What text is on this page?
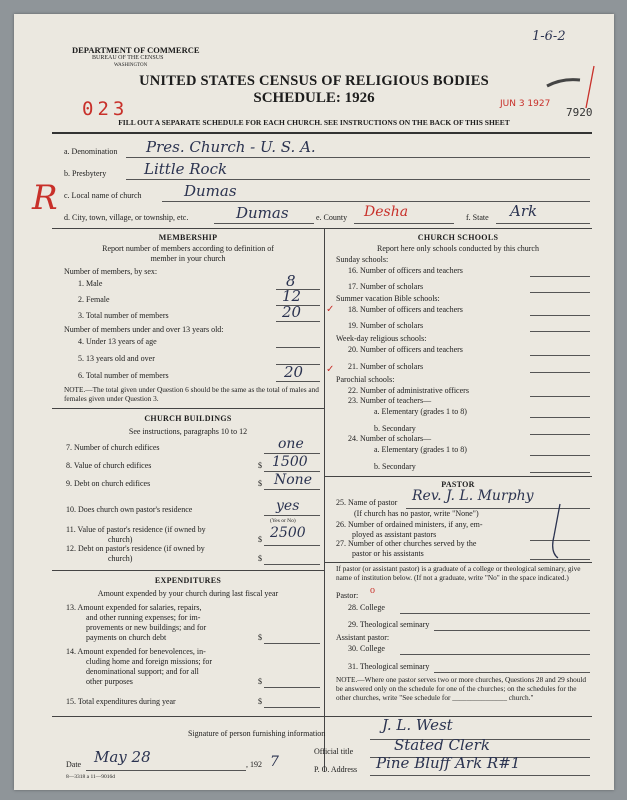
DEPARTMENT OF COMMERCE
BUREAU OF THE CENSUS
WASHINGTON
1-6-2
UNITED STATES CENSUS OF RELIGIOUS BODIES
SCHEDULE: 1926
023	JUN 3 1927
7920
FILL OUT A SEPARATE SCHEDULE FOR EACH CHURCH. SEE INSTRUCTIONS ON THE BACK OF THIS SHEET
a. Denomination Pres. Church - U. S. A.
b. Presbytery	Little Rock
R c. Local name of church	Dumas
d. City, town, village, or township, etc.	Dumas	e. County Desha	f. State Ark
MEMBERSHIP
Report number of members according to definition of
member in your church
Number of members, by sex:
1. Male	8
2. Female	12
3. Total number of members	20 ✓
Number of members under and over 13 years old:
4. Under 13 years of age
5. 13 years old and over
6. Total number of members	20 ✓
NOTE.—The total given under Question 6 should be the same as the total of males and females given under Question 3.
CHURCH BUILDINGS
See instructions, paragraphs 10 to 12
7. Number of church edifices	one
8. Value of church edifices	$ 1500
9. Debt on church edifices	$ None
10. Does church own pastor's residence	yes
(Yes or No)
11. Value of pastor's residence (if owned by
church)	$ 2500
12. Debt on pastor's residence (if owned by
church)	$
EXPENDITURES
Amount expended by your church during last fiscal year
13. Amount expended for salaries, repairs,
and other running expenses; for im-
provements or new buildings; and for
payments on church debt	$
14. Amount expended for benevolences, in-
cluding home and foreign missions; for
denominational support; and for all
other purposes	$
15. Total expenditures during year	$
CHURCH SCHOOLS
Report here only schools conducted by this church
Sunday schools:
16. Number of officers and teachers
17. Number of scholars
Summer vacation Bible schools:
18. Number of officers and teachers
19. Number of scholars
Week-day religious schools:
20. Number of officers and teachers
21. Number of scholars
Parochial schools:
22. Number of administrative officers
23. Number of teachers—
a. Elementary (grades 1 to 8)
b. Secondary
24. Number of scholars—
a. Elementary (grades 1 to 8)
b. Secondary
PASTOR
25. Name of pastor Rev. J. L. Murphy
(If church has no pastor, write "None")
26. Number of ordained ministers, if any, em-
ployed as assistant pastors
27. Number of other churches served by the
pastor or his assistants
If pastor (or assistant pastor) is a graduate of a college or theological seminary, give name of institution below. (If not a graduate, write "No" in the space indicated.)
Pastor: o
28. College
29. Theological seminary
Assistant pastor:
30. College
31. Theological seminary
NOTE.—Where one pastor serves two or more churches, Questions 28 and 29 should be answered only on the schedule for one of the churches; on the schedules for the other churches, write "See schedule for _______________ church."
Signature of person furnishing information	J. L. West
Official title	Stated Clerk
Date May 28	, 192 7	P. O. Address Pine Bluff Ark R#1
8—3318 a 11—9016d
